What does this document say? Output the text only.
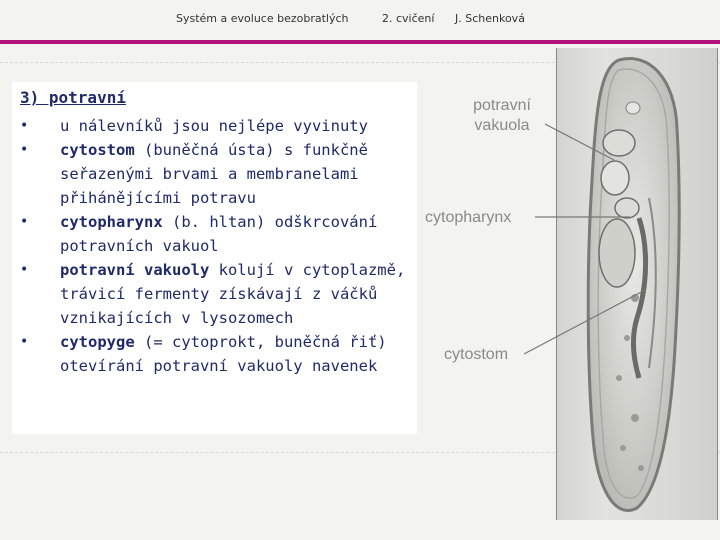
Systém a evoluce bezobratlých	2. cvičení J. Schenková
3) potravní
• u nálevníků jsou nejlépe vyvinuty
• cytostom (buněčná ústa) s funkčně seřazenými brvami a membranelami přihánějícími potravu
• cytopharynx (b. hltan) odškrcování potravních vakuol
• potravní vakuoly kolují v cytoplazmě, trávicí fermenty získávají z váčků vznikajících v lysozomech
• cytopyge (= cytoprokt, buněčná řiť) otevírání potravní vakuoly navenek
potravní
vakuola
cytopharynx
cytostom
